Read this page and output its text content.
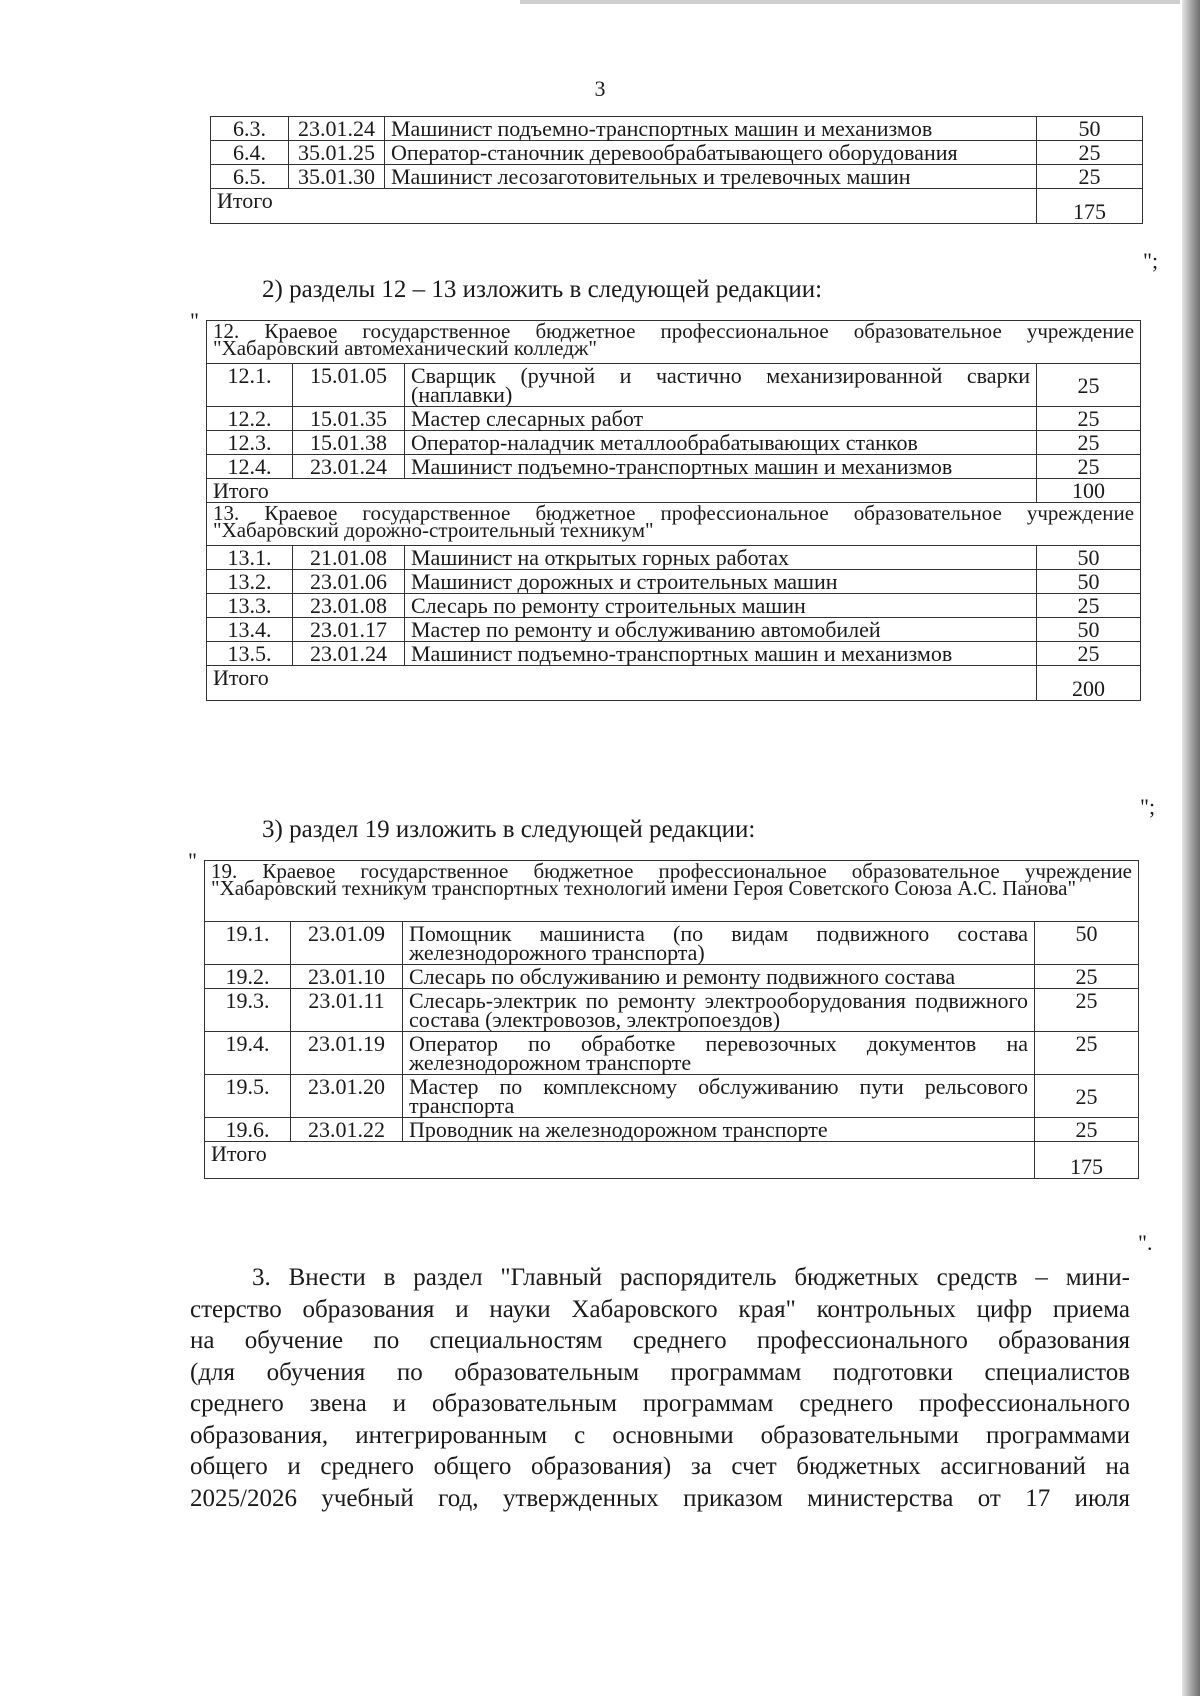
3
6.3.	23.01.24	Машинист подъемно-транспортных машин и механизмов	50
6.4.	35.01.25	Оператор-станочник деревообрабатывающего оборудования	25
6.5.	35.01.30	Машинист лесозаготовительных и трелевочных машин	25
Итого			175
";
2) разделы 12 – 13 изложить в следующей редакции:
" 12. Краевое государственное бюджетное профессиональное образовательное учреждение "Хабаровский автомеханический колледж"			
12.1.	15.01.05	Сварщик (ручной и частично механизированной сварки (наплавки)	25
12.2.	15.01.35	Мастер слесарных работ	25
12.3.	15.01.38	Оператор-наладчик металлообрабатывающих станков	25
12.4.	23.01.24	Машинист подъемно-транспортных машин и механизмов	25
Итого			100
13. Краевое государственное бюджетное профессиональное образовательное учреждение "Хабаровский дорожно-строительный техникум"			
13.1.	21.01.08	Машинист на открытых горных работах	50
13.2.	23.01.06	Машинист дорожных и строительных машин	50
13.3.	23.01.08	Слесарь по ремонту строительных машин	25
13.4.	23.01.17	Мастер по ремонту и обслуживанию автомобилей	50
13.5.	23.01.24	Машинист подъемно-транспортных машин и механизмов	25
Итого			200
";
3) раздел 19 изложить в следующей редакции:
" 19. Краевое государственное бюджетное профессиональное образовательное учреждение "Хабаровский техникум транспортных технологий имени Героя Советского Союза А.С. Панова"			
19.1.	23.01.09	Помощник машиниста (по видам подвижного состава железнодорожного транспорта)	50
19.2.	23.01.10	Слесарь по обслуживанию и ремонту подвижного состава	25
19.3.	23.01.11	Слесарь-электрик по ремонту электрооборудования подвижного состава (электровозов, электропоездов)	25
19.4.	23.01.19	Оператор по обработке перевозочных документов на железнодорожном транспорте	25
19.5.	23.01.20	Мастер по комплексному обслуживанию пути рельсового транспорта	25
19.6.	23.01.22	Проводник на железнодорожном транспорте	25
Итого			175
".
3. Внести в раздел "Главный распорядитель бюджетных средств – мини-
стерство образования и науки Хабаровского края" контрольных цифр приема
на обучение по специальностям среднего профессионального образования
(для обучения по образовательным программам подготовки специалистов
среднего звена и образовательным программам среднего профессионального
образования, интегрированным с основными образовательными программами
общего и среднего общего образования) за счет бюджетных ассигнований на
2025/2026 учебный год, утвержденных приказом министерства от 17 июля
